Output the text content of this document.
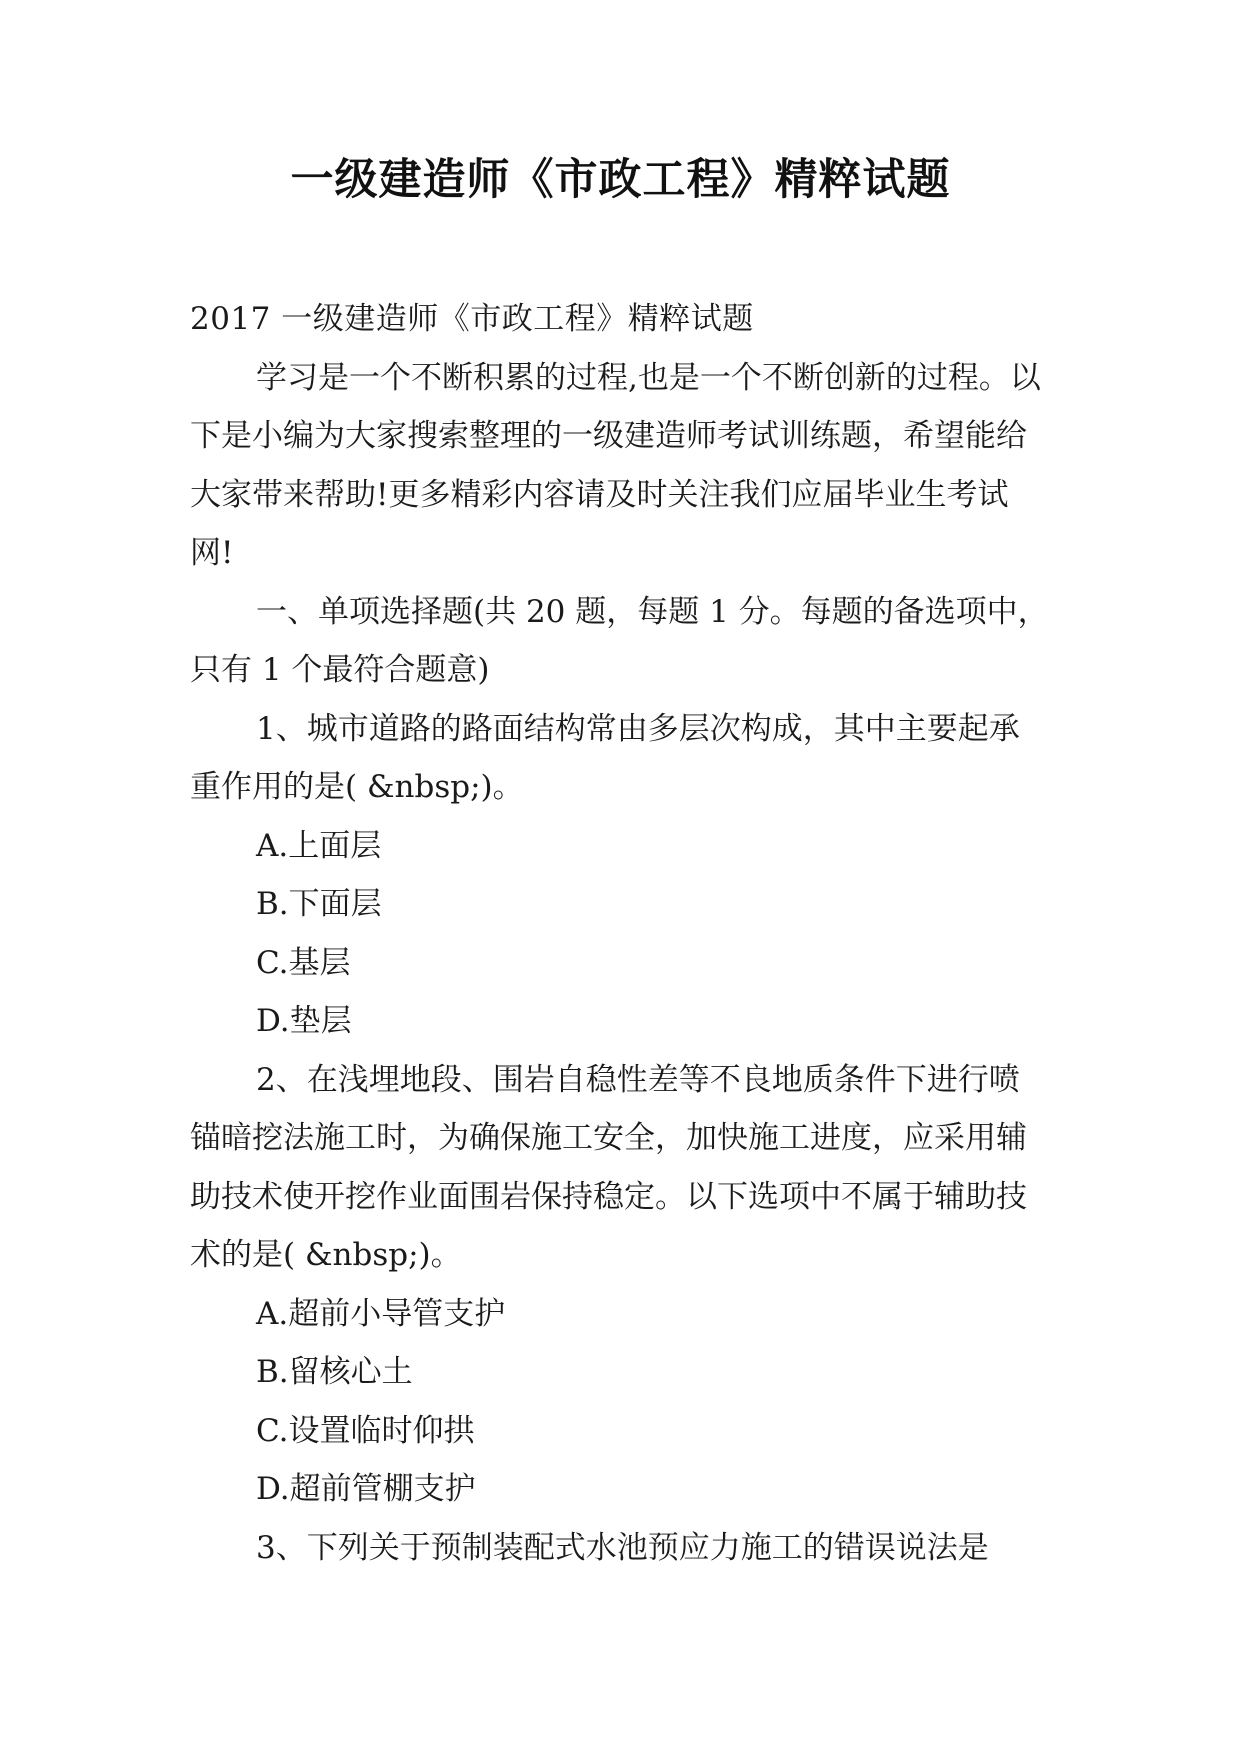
一级建造师《市政工程》精粹试题

2017 一级建造师《市政工程》精粹试题

学习是一个不断积累的过程,也是一个不断创新的过程。以下是小编为大家搜索整理的一级建造师考试训练题，希望能给大家带来帮助!更多精彩内容请及时关注我们应届毕业生考试网!

一、单项选择题(共 20 题，每题 1 分。每题的备选项中，只有 1 个最符合题意)

1、城市道路的路面结构常由多层次构成，其中主要起承重作用的是( &nbsp;)。

A.上面层

B.下面层

C.基层

D.垫层

2、在浅埋地段、围岩自稳性差等不良地质条件下进行喷锚暗挖法施工时，为确保施工安全，加快施工进度，应采用辅助技术使开挖作业面围岩保持稳定。以下选项中不属于辅助技术的是( &nbsp;)。

A.超前小导管支护

B.留核心土

C.设置临时仰拱

D.超前管棚支护

3、下列关于预制装配式水池预应力施工的错误说法是
